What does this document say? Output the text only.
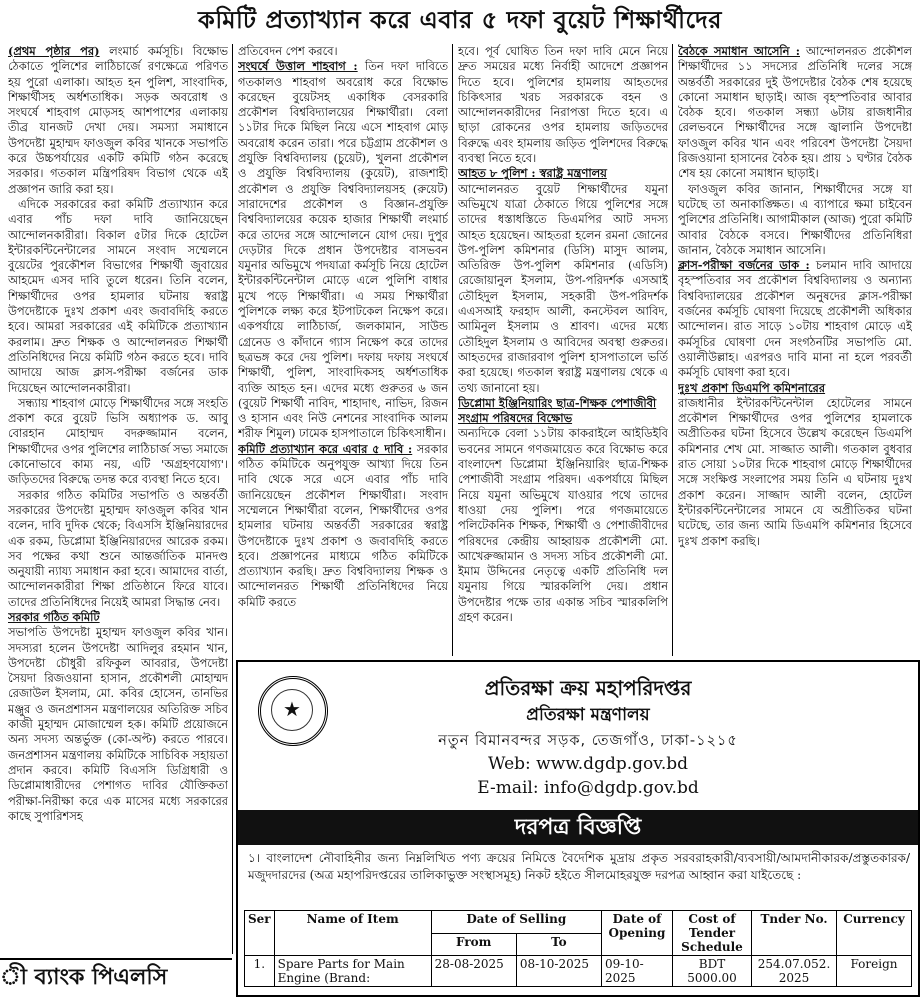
কমিটি প্রত্যাখ্যান করে এবার ৫ দফা বুয়েট শিক্ষার্থীদের

(প্রথম পৃষ্ঠার পর) লংমার্চ কর্মসূচি। বিক্ষোভ ঠেকাতে পুলিশের লাঠিচার্জে রণক্ষেত্রে পরিণত হয় পুরো এলাকা। আহত হন পুলিশ, সাংবাদিক, শিক্ষার্থীসহ অর্ধশতাধিক। সড়ক অবরোধ ও সংঘর্ষে শাহবাগ মোড়সহ আশপাশের এলাকায় তীব্র যানজট দেখা দেয়। সমস্যা সমাধানে উপদেষ্টা মুহাম্মদ ফাওজুল কবির খানকে সভাপতি করে উচ্চপর্যায়ের একটি কমিটি গঠন করেছে সরকার। গতকাল মন্ত্রিপরিষদ বিভাগ থেকে এই প্রজ্ঞাপন জারি করা হয়।

এদিকে সরকারের করা কমিটি প্রত্যাখ্যান করে এবার পাঁচ দফা দাবি জানিয়েছেন আন্দোলনকারীরা। বিকাল ৫টার দিকে হোটেল ইন্টারকন্টিনেন্টালের সামনে সংবাদ সম্মেলনে বুয়েটের পুরকৌশল বিভাগের শিক্ষার্থী জুবায়ের আহমেদ এসব দাবি তুলে ধরেন। তিনি বলেন, শিক্ষার্থীদের ওপর হামলার ঘটনায় স্বরাষ্ট্র উপদেষ্টাকে দুঃখ প্রকাশ এবং জবাবদিহি করতে হবে। আমরা সরকারের এই কমিটিকে প্রত্যাখ্যান করলাম। দ্রুত শিক্ষক ও আন্দোলনরত শিক্ষার্থী প্রতিনিধিদের নিয়ে কমিটি গঠন করতে হবে। দাবি আদায়ে আজ ক্লাস-পরীক্ষা বর্জনের ডাক দিয়েছেন আন্দোলনকারীরা।

সন্ধ্যায় শাহবাগ মোড়ে শিক্ষার্থীদের সঙ্গে সংহতি প্রকাশ করে বুয়েট ভিসি অধ্যাপক ড. আবু বোরহান মোহাম্মদ বদরুজ্জামান বলেন, শিক্ষার্থীদের ওপর পুলিশের লাঠিচার্জ সভ্য সমাজে কোনোভাবে কাম্য নয়, এটি 'অগ্রহণযোগ্য'। জড়িতদের বিরুদ্ধে তদন্ত করে ব্যবস্থা নিতে হবে।

সরকার গঠিত কমিটির সভাপতি ও অন্তর্বর্তী সরকারের উপদেষ্টা মুহাম্মদ ফাওজুল কবির খান বলেন, দাবি দুদিক থেকে; বিএসসি ইঞ্জিনিয়ারদের এক রকম, ডিপ্লোমা ইঞ্জিনিয়ারদের আরেক রকম। সব পক্ষের কথা শুনে আন্তর্জাতিক মানদণ্ড অনুযায়ী ন্যায্য সমাধান করা হবে। আমাদের বার্তা, আন্দোলনকারীরা শিক্ষা প্রতিষ্ঠানে ফিরে যাবে। তাদের প্রতিনিধিদের নিয়েই আমরা সিদ্ধান্ত নেব।

সরকার গঠিত কমিটি

সভাপতি উপদেষ্টা মুহাম্মদ ফাওজুল কবির খান। সদস্যরা হলেন উপদেষ্টা আদিলুর রহমান খান, উপদেষ্টা চৌধুরী রফিকুল আবরার, উপদেষ্টা সৈয়দা রিজওয়ানা হাসান, প্রকৌশলী মোহাম্মদ রেজাউল ইসলাম, মো. কবির হোসেন, তানভির মঞ্জুর ও জনপ্রশাসন মন্ত্রণালয়ের অতিরিক্ত সচিব কাজী মুহাম্মদ মোজাম্মেল হক। কমিটি প্রয়োজনে অন্য সদস্য অন্তর্ভুক্ত (কো-অপ্ট) করতে পারবে। জনপ্রশাসন মন্ত্রণালয় কমিটিকে সাচিবিক সহায়তা প্রদান করবে। কমিটি বিএসসি ডিগ্রিধারী ও ডিপ্লোমাধারীদের পেশাগত দাবির যৌক্তিকতা পরীক্ষা-নিরীক্ষা করে এক মাসের মধ্যে সরকারের কাছে সুপারিশসহ

প্রতিবেদন পেশ করবে।

সংঘর্ষে উত্তাল শাহবাগ : তিন দফা দাবিতে গতকালও শাহবাগ অবরোধ করে বিক্ষোভ করেছেন বুয়েটসহ একাধিক বেসরকারি প্রকৌশল বিশ্ববিদ্যালয়ের শিক্ষার্থীরা। বেলা ১১টার দিকে মিছিল নিয়ে এসে শাহবাগ মোড় অবরোধ করেন তারা। পরে চট্টগ্রাম প্রকৌশল ও প্রযুক্তি বিশ্ববিদ্যালয় (চুয়েট), খুলনা প্রকৌশল ও প্রযুক্তি বিশ্ববিদ্যালয় (কুয়েট), রাজশাহী প্রকৌশল ও প্রযুক্তি বিশ্ববিদ্যালয়সহ (রুয়েট) সারাদেশের প্রকৌশল ও বিজ্ঞান-প্রযুক্তি বিশ্ববিদ্যালয়ের কয়েক হাজার শিক্ষার্থী লংমার্চ করে তাদের সঙ্গে আন্দোলনে যোগ দেয়। দুপুর দেড়টার দিকে প্রধান উপদেষ্টার বাসভবন যমুনার অভিমুখে পদযাত্রা কর্মসূচি নিয়ে হোটেল ইন্টারকন্টিনেন্টাল মোড়ে এলে পুলিশি বাধার মুখে পড়ে শিক্ষার্থীরা। এ সময় শিক্ষার্থীরা পুলিশকে লক্ষ্য করে ইটপাটকেল নিক্ষেপ করে। একপর্যায়ে লাঠিচার্জ, জলকামান, সাউন্ড গ্রেনেড ও কাঁদানে গ্যাস নিক্ষেপ করে তাদের ছত্রভঙ্গ করে দেয় পুলিশ। দফায় দফায় সংঘর্ষে শিক্ষার্থী, পুলিশ, সাংবাদিকসহ অর্ধশতাধিক ব্যক্তি আহত হন। এদের মধ্যে গুরুতর ৬ জন (বুয়েট শিক্ষার্থী নাবিদ, শাহাদাৎ, নাভিদ, রিজন ও হাসান এবং নিউ নেশনের সাংবাদিক আলম শরীফ শিমুল) ঢামেক হাসপাতালে চিকিৎসাধীন।

কমিটি প্রত্যাখ্যান করে এবার ৫ দাবি : সরকার গঠিত কমিটিকে অনুপযুক্ত আখ্যা দিয়ে তিন দাবি থেকে সরে এসে এবার পাঁচ দাবি জানিয়েছেন প্রকৌশল শিক্ষার্থীরা। সংবাদ সম্মেলনে শিক্ষার্থীরা বলেন, শিক্ষার্থীদের ওপর হামলার ঘটনায় অন্তর্বর্তী সরকারের স্বরাষ্ট্র উপদেষ্টাকে দুঃখ প্রকাশ ও জবাবদিহি করতে হবে। প্রজ্ঞাপনের মাধ্যমে গঠিত কমিটিকে প্রত্যাখ্যান করছি। দ্রুত বিশ্ববিদ্যালয় শিক্ষক ও আন্দোলনরত শিক্ষার্থী প্রতিনিধিদের নিয়ে কমিটি করতে

হবে। পূর্ব ঘোষিত তিন দফা দাবি মেনে নিয়ে দ্রুত সময়ের মধ্যে নির্বাহী আদেশে প্রজ্ঞাপন দিতে হবে। পুলিশের হামলায় আহতদের চিকিৎসার খরচ সরকারকে বহন ও আন্দোলনকারীদের নিরাপত্তা দিতে হবে। এ ছাড়া রোকনের ওপর হামলায় জড়িতদের বিরুদ্ধে এবং হামলায় জড়িত পুলিশদের বিরুদ্ধে ব্যবস্থা নিতে হবে।

আহত ৮ পুলিশ : স্বরাষ্ট্র মন্ত্রণালয়

আন্দোলনরত বুয়েট শিক্ষার্থীদের যমুনা অভিমুখে যাত্রা ঠেকাতে গিয়ে পুলিশের সঙ্গে তাদের ধস্তাধস্তিতে ডিএমপির আট সদস্য আহত হয়েছেন। আহতরা হলেন রমনা জোনের উপ-পুলিশ কমিশনার (ডিসি) মাসুদ আলম, অতিরিক্ত উপ-পুলিশ কমিশনার (এডিসি) রেজোয়ানুল ইসলাম, উপ-পরিদর্শক এসআই তৌহিদুল ইসলাম, সহকারী উপ-পরিদর্শক এএসআই ফরহাদ আলী, কনস্টেবল আবিদ, আমিনুল ইসলাম ও শ্রাবণ। এদের মধ্যে তৌহিদুল ইসলাম ও আবিদের অবস্থা গুরুতর। আহতদের রাজারবাগ পুলিশ হাসপাতালে ভর্তি করা হয়েছে। গতকাল স্বরাষ্ট্র মন্ত্রণালয় থেকে এ তথ্য জানানো হয়।

ডিপ্লোমা ইঞ্জিনিয়ারিং ছাত্র-শিক্ষক পেশাজীবী সংগ্রাম পরিষদের বিক্ষোভ

অন্যদিকে বেলা ১১টায় কাকরাইলে আইডিইবি ভবনের সামনে গণজমায়েত করে বিক্ষোভ করে বাংলাদেশ ডিপ্লোমা ইঞ্জিনিয়ারিং ছাত্র-শিক্ষক পেশাজীবী সংগ্রাম পরিষদ। একপর্যায়ে মিছিল নিয়ে যমুনা অভিমুখে যাওয়ার পথে তাদের ধাওয়া দেয় পুলিশ। পরে গণজমায়েতে পলিটেকনিক শিক্ষক, শিক্ষার্থী ও পেশাজীবীদের পরিষদের কেন্দ্রীয় আহ্বায়ক প্রকৌশলী মো. আখেরুজ্জামান ও সদস্য সচিব প্রকৌশলী মো. ইমাম উদ্দিনের নেতৃত্বে একটি প্রতিনিধি দল যমুনায় গিয়ে স্মারকলিপি দেয়। প্রধান উপদেষ্টার পক্ষে তার একান্ত সচিব স্মারকলিপি গ্রহণ করেন।

বৈঠকে সমাধান আসেনি : আন্দোলনরত প্রকৌশল শিক্ষার্থীদের ১১ সদস্যের প্রতিনিধি দলের সঙ্গে অন্তর্বর্তী সরকারের দুই উপদেষ্টার বৈঠক শেষ হয়েছে কোনো সমাধান ছাড়াই। আজ বৃহস্পতিবার আবার বৈঠক হবে। গতকাল সন্ধ্যা ৬টায় রাজধানীর রেলভবনে শিক্ষার্থীদের সঙ্গে জ্বালানি উপদেষ্টা ফাওজুল কবির খান এবং পরিবেশ উপদেষ্টা সৈয়দা রিজওয়ানা হাসানের বৈঠক হয়। প্রায় ১ ঘণ্টার বৈঠক শেষ হয় কোনো সমাধান ছাড়াই।

ফাওজুল কবির জানান, শিক্ষার্থীদের সঙ্গে যা ঘটেছে তা অনাকাঙ্ক্ষিত। এ ব্যাপারে ক্ষমা চাইবেন পুলিশের প্রতিনিধি। আগামীকাল (আজ) পুরো কমিটি আবার বৈঠকে বসবে। শিক্ষার্থীদের প্রতিনিধিরা জানান, বৈঠকে সমাধান আসেনি।

ক্লাস-পরীক্ষা বর্জনের ডাক : চলমান দাবি আদায়ে বৃহস্পতিবার সব প্রকৌশল বিশ্ববিদ্যালয় ও অন্যান্য বিশ্ববিদ্যালয়ের প্রকৌশল অনুষদের ক্লাস-পরীক্ষা বর্জনের কর্মসূচি ঘোষণা দিয়েছে প্রকৌশলী অধিকার আন্দোলন। রাত সাড়ে ১০টায় শাহবাগ মোড়ে এই কর্মসূচির ঘোষণা দেন সংগঠনটির সভাপতি মো. ওয়ালীউল্লাহ। এরপরও দাবি মানা না হলে পরবর্তী কর্মসূচি ঘোষণা করা হবে।

দুঃখ প্রকাশ ডিএমপি কমিশনারের

রাজধানীর ইন্টারকন্টিনেন্টাল হোটেলের সামনে প্রকৌশল শিক্ষার্থীদের ওপর পুলিশের হামলাকে অপ্রীতিকর ঘটনা হিসেবে উল্লেখ করেছেন ডিএমপি কমিশনার শেখ মো. সাজ্জাত আলী। গতকাল বুধবার রাত সোয়া ১০টার দিকে শাহবাগ মোড়ে শিক্ষার্থীদের সঙ্গে সংক্ষিপ্ত সংলাপের সময় তিনি এ ঘটনায় দুঃখ প্রকাশ করেন। সাজ্জাদ আলী বলেন, হোটেল ইন্টারকন্টিনেন্টালের সামনে যে অপ্রীতিকর ঘটনা ঘটেছে, তার জন্য আমি ডিএমপি কমিশনার হিসেবে দুঃখ প্রকাশ করছি।

ী ব্যাংক পিএলসি
★
প্রতিরক্ষা ক্রয় মহাপরিদপ্তর
প্রতিরক্ষা মন্ত্রণালয়
নতুন বিমানবন্দর সড়ক, তেজগাঁও, ঢাকা-১২১৫
Web: www.dgdp.gov.bd
E-mail: info@dgdp.gov.bd
দরপত্র বিজ্ঞপ্তি
১। বাংলাদেশ নৌবাহিনীর জন্য নিম্নলিখিত পণ্য ক্রয়ের নিমিত্তে বৈদেশিক মুদ্রায় প্রকৃত সরবরাহকারী/ব্যবসায়ী/আমদানীকারক/প্রস্তুতকারক/মজুদদারদের (অত্র মহাপরিদপ্তরের তালিকাভুক্ত সংস্থাসমূহ) নিকট হইতে সীলমোহরযুক্ত দরপত্র আহ্বান করা যাইতেছে :
Ser	Name of Item	Date of Selling		Date of Opening	Cost of Tender Schedule	Tnder No.	Currency
		From	To				
1.	Spare Parts for Main Engine (Brand:	28-08-2025	08-10-2025	09-10-2025	BDT 5000.00	254.07.052. 2025	Foreign
